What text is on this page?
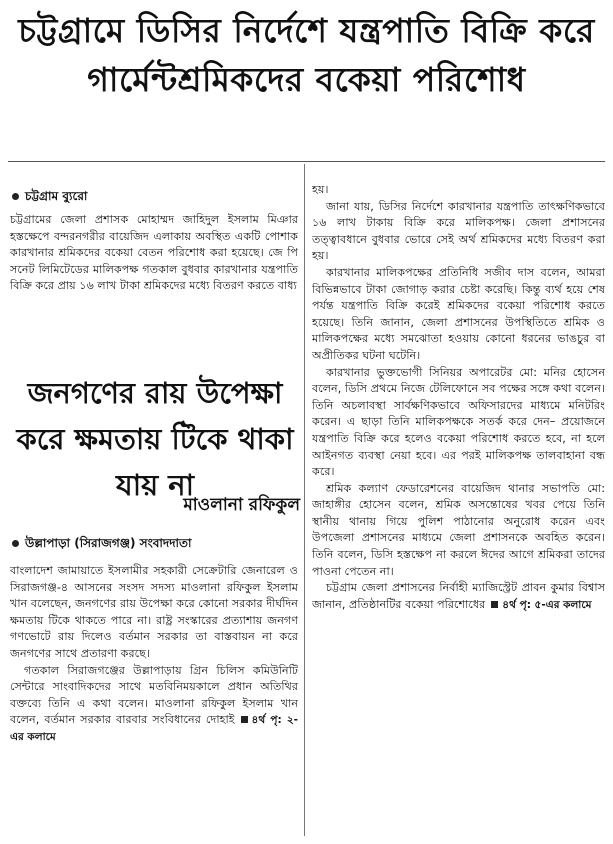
চট্টগ্রামে ডিসির নির্দেশে যন্ত্রপাতি বিক্রি করে গার্মেন্টশ্রমিকদের বকেয়া পরিশোধ
চট্টগ্রাম ব্যুরো

চট্টগ্রামের জেলা প্রশাসক মোহাম্মদ জাহিদুল ইসলাম মিঞার হস্তক্ষেপে বন্দরনগরীর বায়েজিদ এলাকায় অবস্থিত একটি পোশাক কারখানার শ্রমিকদের বকেয়া বেতন পরিশোধ করা হয়েছে। জে পি সনেট লিমিটেডের মালিকপক্ষ গতকাল বুধবার কারখানার যন্ত্রপাতি বিক্রি করে প্রায় ১৬ লাখ টাকা শ্রমিকদের মধ্যে বিতরণ করতে বাধ্য

জনগণের রায় উপেক্ষা করে ক্ষমতায় টিকে থাকা যায় না
মাওলানা রফিকুল
উল্লাপাড়া (সিরাজগঞ্জ) সংবাদদাতা

বাংলাদেশ জামায়াতে ইসলামীর সহকারী সেক্রেটারি জেনারেল ও সিরাজগঞ্জ-৪ আসনের সংসদ সদস্য মাওলানা রফিকুল ইসলাম খান বলেছেন, জনগণের রায় উপেক্ষা করে কোনো সরকার দীর্ঘদিন ক্ষমতায় টিকে থাকতে পারে না। রাষ্ট্র সংস্কারের প্রত্যাশায় জনগণ গণভোটে রায় দিলেও বর্তমান সরকার তা বাস্তবায়ন না করে জনগণের সাথে প্রতারণা করছে।

গতকাল সিরাজগঞ্জের উল্লাপাড়ায় গ্রিন চিলিস কমিউনিটি সেন্টারে সাংবাদিকদের সাথে মতবিনিময়কালে প্রধান অতিথির বক্তব্যে তিনি এ কথা বলেন। মাওলানা রফিকুল ইসলাম খান বলেন, বর্তমান সরকার বারবার সংবিধানের দোহাই ৪র্থ পৃ: ২-এর কলামে

হয়।

জানা যায়, ডিসির নির্দেশে কারখানার যন্ত্রপাতি তাৎক্ষণিকভাবে ১৬ লাখ টাকায় বিক্রি করে মালিকপক্ষ। জেলা প্রশাসনের তত্ত্বাবধানে বুধবার ভোরে সেই অর্থ শ্রমিকদের মধ্যে বিতরণ করা হয়।

কারখানার মালিকপক্ষের প্রতিনিধি সজীব দাস বলেন, আমরা বিভিন্নভাবে টাকা জোগাড় করার চেষ্টা করেছি। কিন্তু ব্যর্থ হয়ে শেষ পর্যন্ত যন্ত্রপাতি বিক্রি করেই শ্রমিকদের বকেয়া পরিশোধ করতে হয়েছে। তিনি জানান, জেলা প্রশাসনের উপস্থিতিতে শ্রমিক ও মালিকপক্ষের মধ্যে সমঝোতা হওয়ায় কোনো ধরনের ভাঙচুর বা অপ্রীতিকর ঘটনা ঘটেনি।

কারখানার ভুক্তভোগী সিনিয়র অপারেটর মো: মনির হোসেন বলেন, ডিসি প্রথমে নিজে টেলিফোনে সব পক্ষের সঙ্গে কথা বলেন। তিনি অচলাবস্থা সার্বক্ষণিকভাবে অফিসারদের মাধ্যমে মনিটরিং করেন। এ ছাড়া তিনি মালিকপক্ষকে সতর্ক করে দেন– প্রয়োজনে যন্ত্রপাতি বিক্রি করে হলেও বকেয়া পরিশোধ করতে হবে, না হলে আইনগত ব্যবস্থা নেয়া হবে। এর পরই মালিকপক্ষ তালবাহানা বন্ধ করে।

শ্রমিক কল্যাণ ফেডারেশনের বায়েজিদ থানার সভাপতি মো: জাহাঙ্গীর হোসেন বলেন, শ্রমিক অসন্তোষের খবর পেয়ে তিনি স্থানীয় থানায় গিয়ে পুলিশ পাঠানোর অনুরোধ করেন এবং উপজেলা প্রশাসনের মাধ্যমে জেলা প্রশাসনকে অবহিত করেন। তিনি বলেন, ডিসি হস্তক্ষেপ না করলে ঈদের আগে শ্রমিকরা তাদের পাওনা পেতেন না।

চট্টগ্রাম জেলা প্রশাসনের নির্বাহী ম্যাজিস্ট্রেট প্রাবন কুমার বিশ্বাস জানান, প্রতিষ্ঠানটির বকেয়া পরিশোধের ৪র্থ পৃ: ৫-এর কলামে
